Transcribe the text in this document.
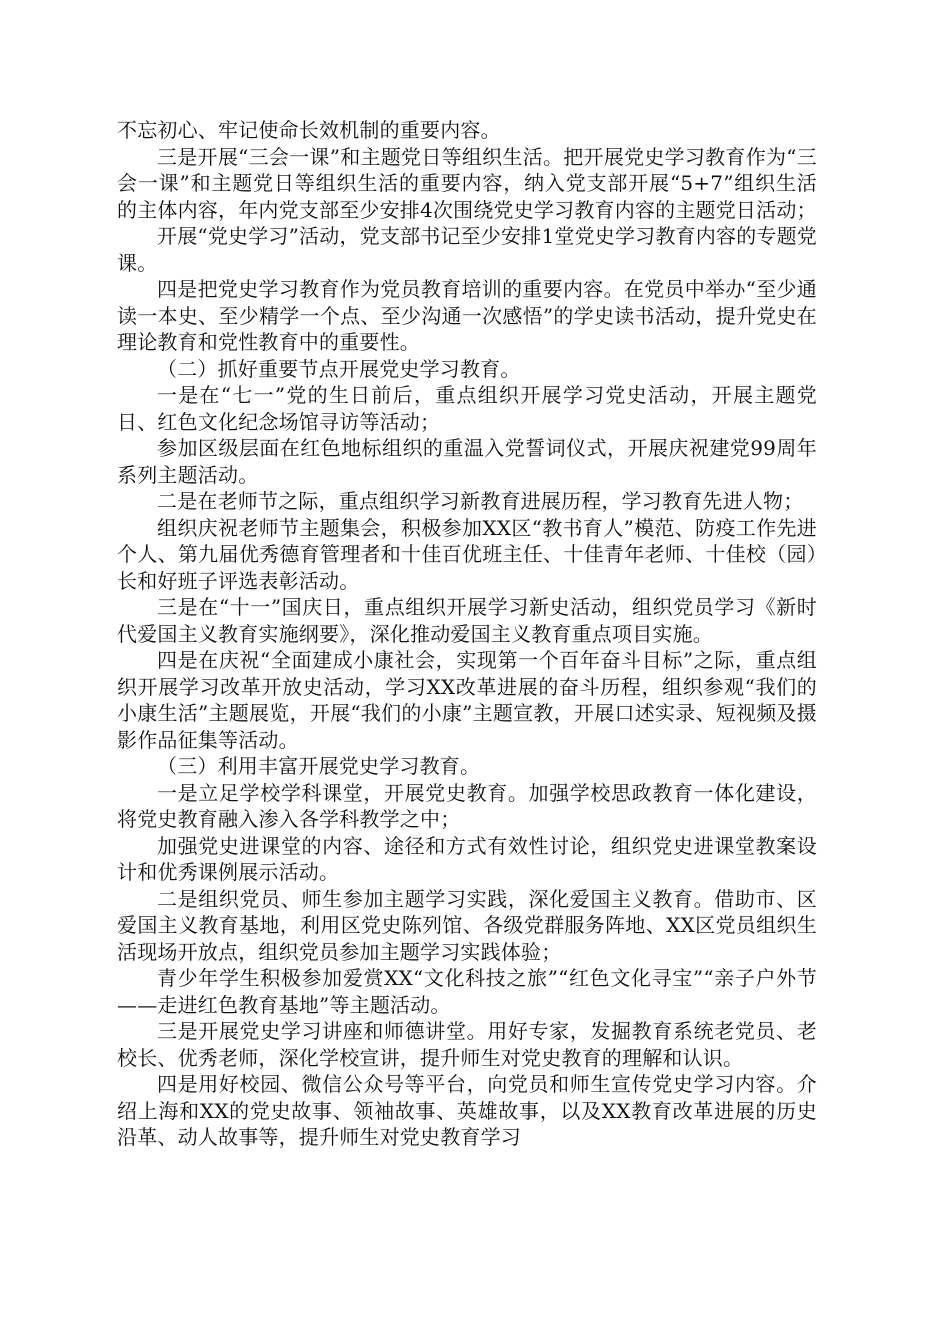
不忘初心、牢记使命长效机制的重要内容。

三是开展“三会一课”和主题党日等组织生活。把开展党史学习教育作为“三会一课”和主题党日等组织生活的重要内容，纳入党支部开展“5+7”组织生活的主体内容，年内党支部至少安排4次围绕党史学习教育内容的主题党日活动；

开展“党史学习”活动，党支部书记至少安排1堂党史学习教育内容的专题党课。

四是把党史学习教育作为党员教育培训的重要内容。在党员中举办“至少通读一本史、至少精学一个点、至少沟通一次感悟”的学史读书活动，提升党史在理论教育和党性教育中的重要性。

（二）抓好重要节点开展党史学习教育。

一是在“七一”党的生日前后，重点组织开展学习党史活动，开展主题党日、红色文化纪念场馆寻访等活动；

参加区级层面在红色地标组织的重温入党誓词仪式，开展庆祝建党99周年系列主题活动。

二是在老师节之际，重点组织学习新教育进展历程，学习教育先进人物；

组织庆祝老师节主题集会，积极参加XX区“教书育人”模范、防疫工作先进个人、第九届优秀德育管理者和十佳百优班主任、十佳青年老师、十佳校（园）长和好班子评选表彰活动。

三是在“十一”国庆日，重点组织开展学习新史活动，组织党员学习《新时代爱国主义教育实施纲要》，深化推动爱国主义教育重点项目实施。

四是在庆祝“全面建成小康社会，实现第一个百年奋斗目标”之际，重点组织开展学习改革开放史活动，学习XX改革进展的奋斗历程，组织参观“我们的小康生活”主题展览，开展“我们的小康”主题宣教，开展口述实录、短视频及摄影作品征集等活动。

（三）利用丰富开展党史学习教育。

一是立足学校学科课堂，开展党史教育。加强学校思政教育一体化建设，将党史教育融入渗入各学科教学之中；

加强党史进课堂的内容、途径和方式有效性讨论，组织党史进课堂教案设计和优秀课例展示活动。

二是组织党员、师生参加主题学习实践，深化爱国主义教育。借助市、区爱国主义教育基地，利用区党史陈列馆、各级党群服务阵地、XX区党员组织生活现场开放点，组织党员参加主题学习实践体验；

青少年学生积极参加爱赏XX“文化科技之旅”“红色文化寻宝”“亲子户外节——走进红色教育基地”等主题活动。

三是开展党史学习讲座和师德讲堂。用好专家，发掘教育系统老党员、老校长、优秀老师，深化学校宣讲，提升师生对党史教育的理解和认识。

四是用好校园、微信公众号等平台，向党员和师生宣传党史学习内容。介绍上海和XX的党史故事、领袖故事、英雄故事，以及XX教育改革进展的历史沿革、动人故事等，提升师生对党史教育学习
